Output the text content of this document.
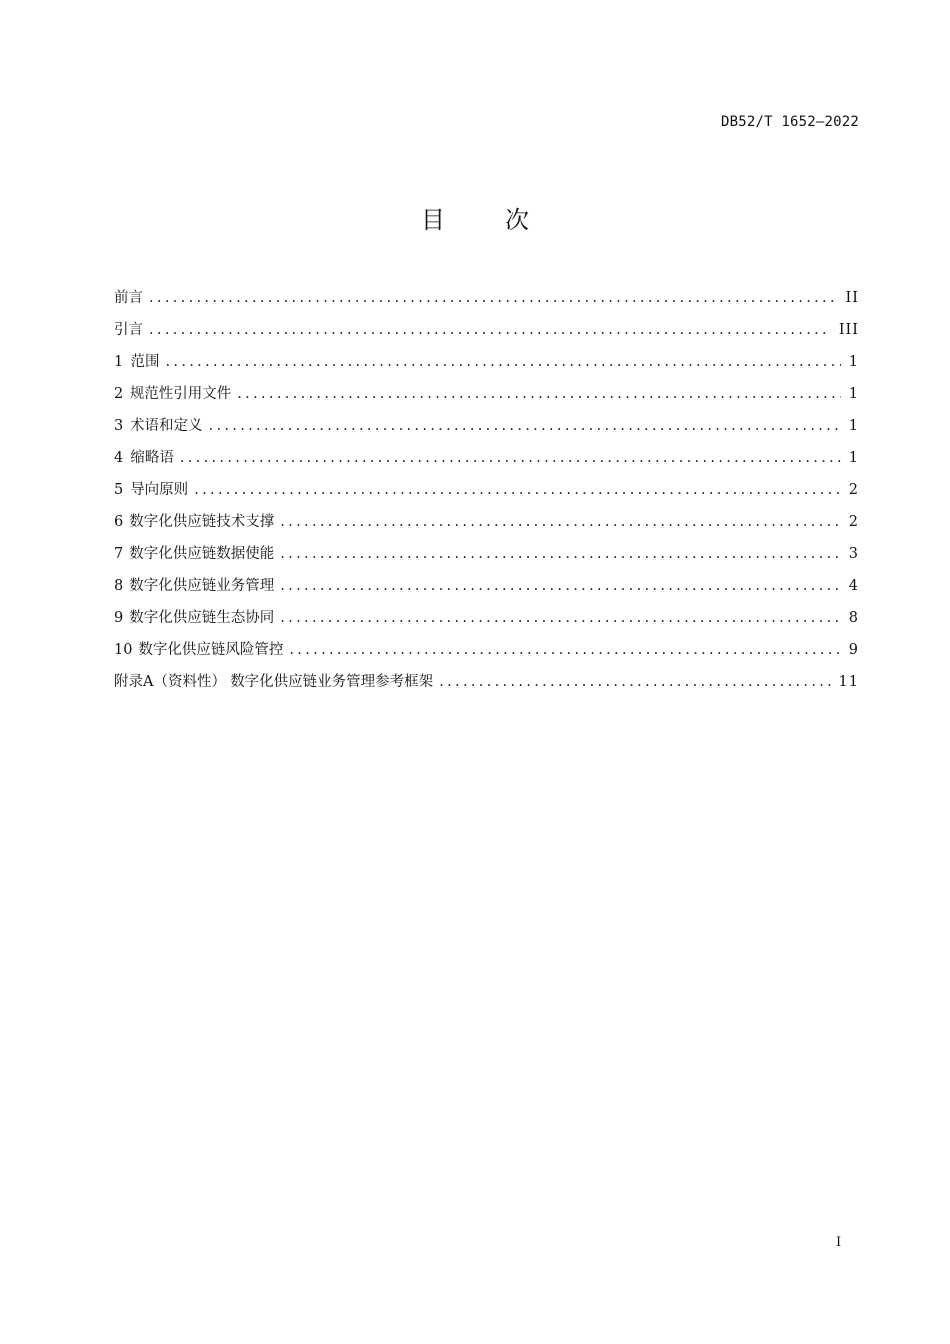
DB52/T 1652—2022
目	次
前言 . . .	II
引言 . . .	III
1 范围 . . .	1
2 规范性引用文件 . . .	1
3 术语和定义 . . .	1
4 缩略语 . . .	1
5 导向原则 . . .	2
6 数字化供应链技术支撑 . . .	2
7 数字化供应链数据使能 . . .	3
8 数字化供应链业务管理 . . .	4
9 数字化供应链生态协同 . . .	8
10 数字化供应链风险管控 . . .	9
附录A（资料性） 数字化供应链业务管理参考框架 . . .	11
I
